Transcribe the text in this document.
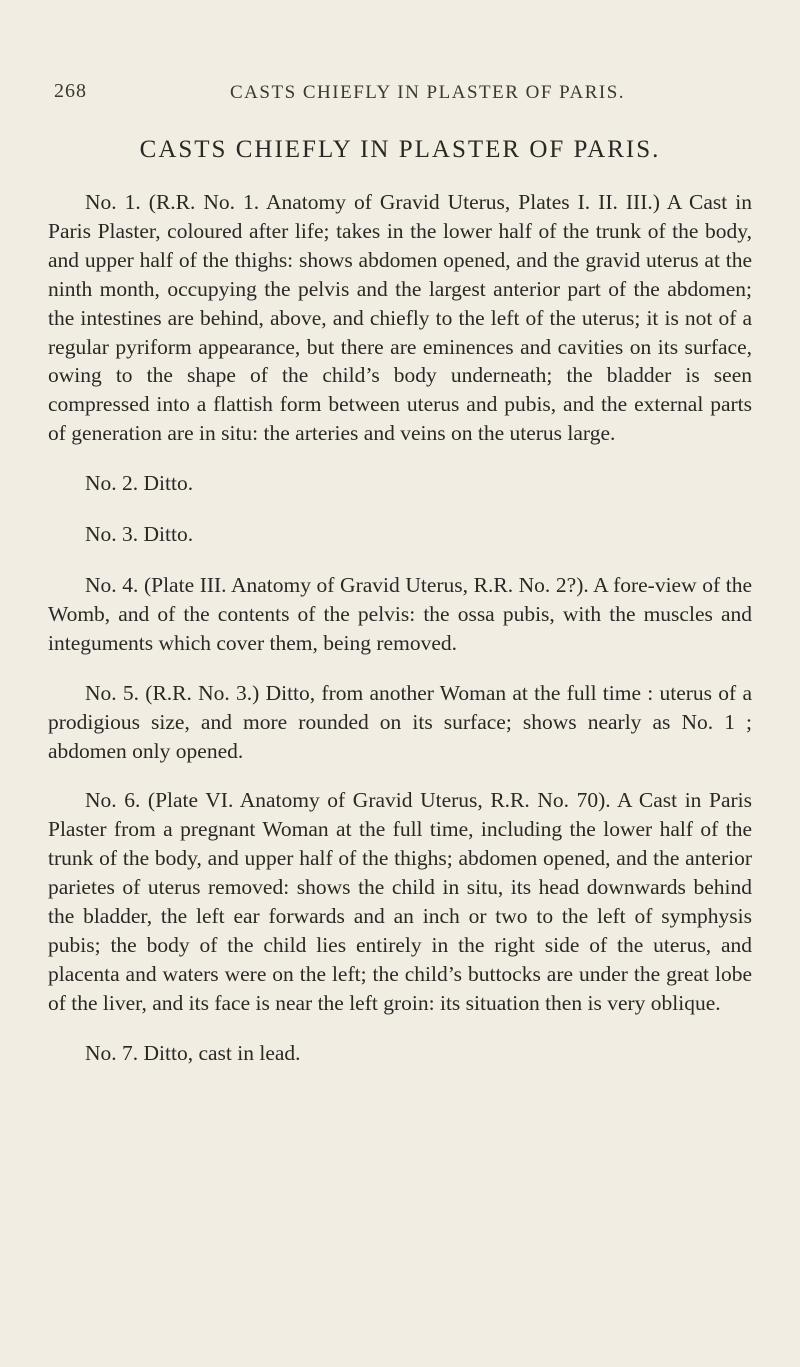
268	CASTS CHIEFLY IN PLASTER OF PARIS.
CASTS CHIEFLY IN PLASTER OF PARIS.

No. 1. (R.R. No. 1. Anatomy of Gravid Uterus, Plates I. II. III.) A Cast in Paris Plaster, coloured after life; takes in the lower half of the trunk of the body, and upper half of the thighs: shows abdomen opened, and the gravid uterus at the ninth month, occupying the pelvis and the largest anterior part of the abdomen; the intestines are behind, above, and chiefly to the left of the uterus; it is not of a regular pyriform appearance, but there are eminences and cavities on its surface, owing to the shape of the child’s body underneath; the bladder is seen compressed into a flattish form between uterus and pubis, and the external parts of generation are in situ: the arteries and veins on the uterus large.

No. 2. Ditto.

No. 3. Ditto.

No. 4. (Plate III. Anatomy of Gravid Uterus, R.R. No. 2?). A fore-view of the Womb, and of the contents of the pelvis: the ossa pubis, with the muscles and integuments which cover them, being removed.

No. 5. (R.R. No. 3.) Ditto, from another Woman at the full time : uterus of a prodigious size, and more rounded on its surface; shows nearly as No. 1 ; abdomen only opened.

No. 6. (Plate VI. Anatomy of Gravid Uterus, R.R. No. 70). A Cast in Paris Plaster from a pregnant Woman at the full time, including the lower half of the trunk of the body, and upper half of the thighs; abdomen opened, and the anterior parietes of uterus removed: shows the child in situ, its head downwards behind the bladder, the left ear forwards and an inch or two to the left of symphysis pubis; the body of the child lies entirely in the right side of the uterus, and placenta and waters were on the left; the child’s buttocks are under the great lobe of the liver, and its face is near the left groin: its situation then is very oblique.

No. 7. Ditto, cast in lead.
